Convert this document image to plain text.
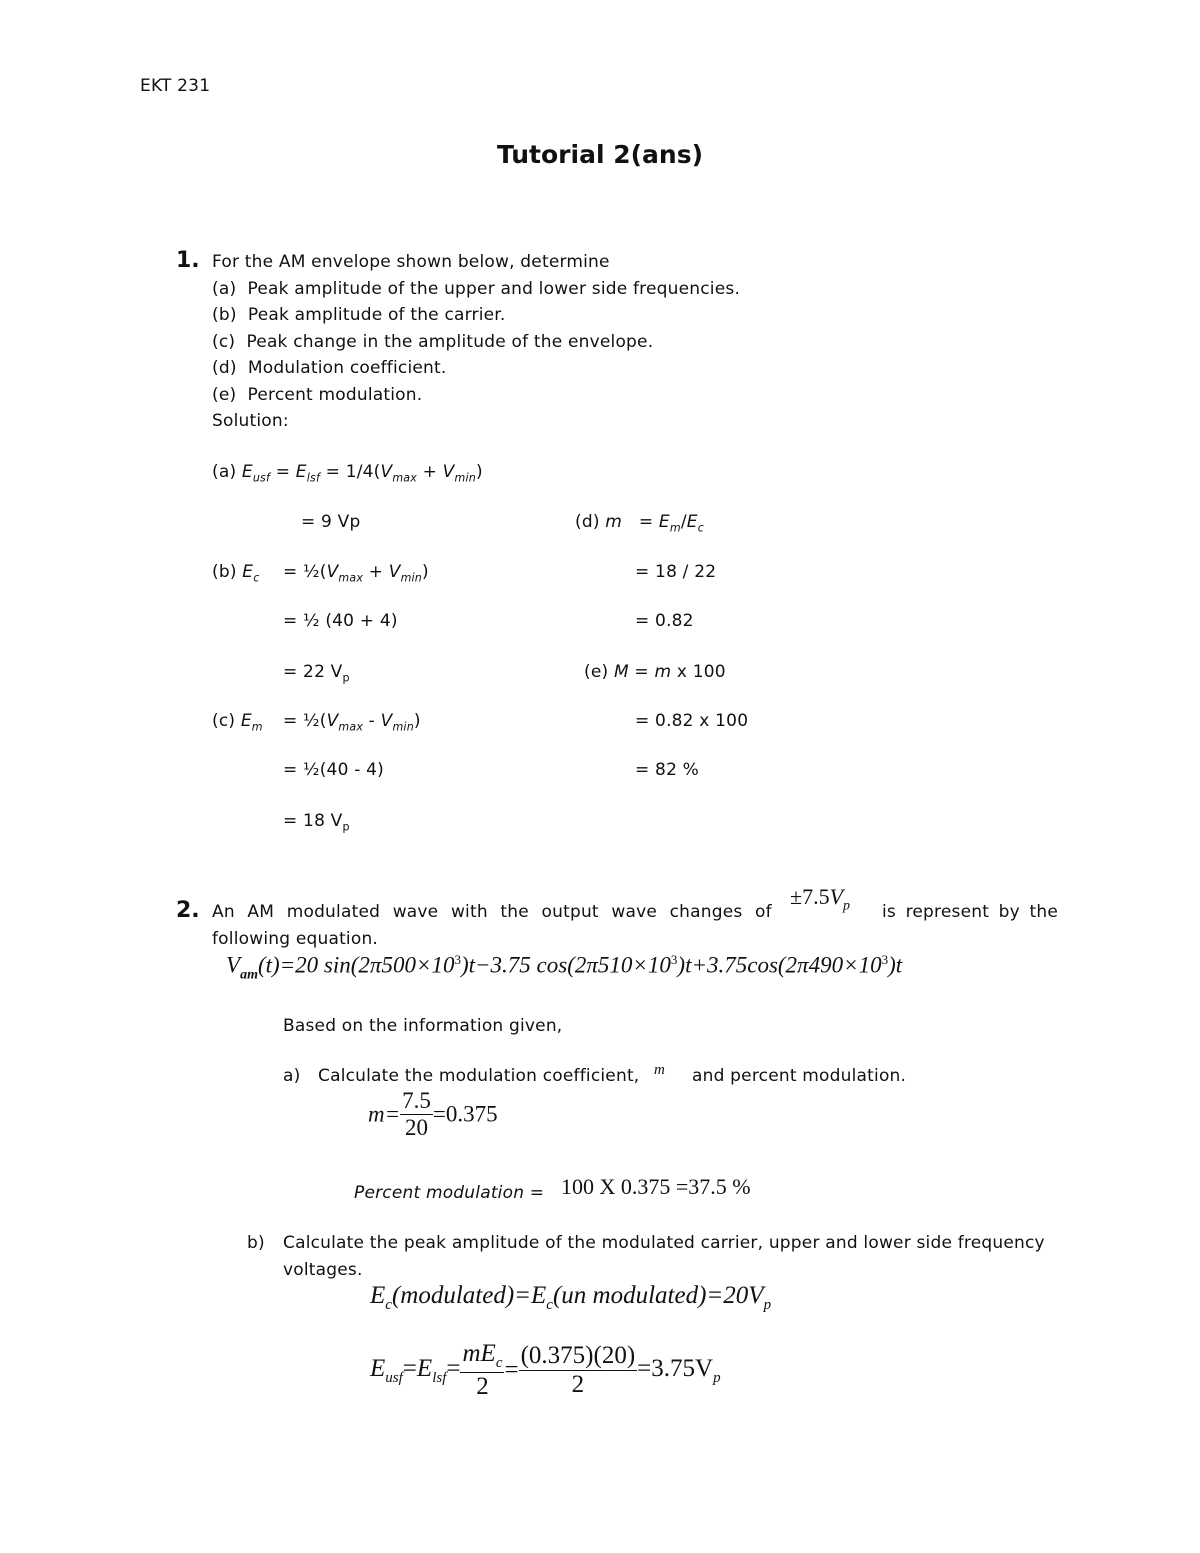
EKT 231
Tutorial 2(ans)
1. For the AM envelope shown below, determine
(a) Peak amplitude of the upper and lower side frequencies.
(b) Peak amplitude of the carrier.
(c) Peak change in the amplitude of the envelope.
(d) Modulation coefficient.
(e) Percent modulation.
Solution:
(a) $E_{usf} = E_{lsf} = 1/4(V_{max} + V_{min})$
= 9 Vp	(d) $m = E_m/E_c$
(b) $E_c$ = $\frac{1}{2}(V_{max} + V_{min})$	= 18 / 22
= ½ (40 + 4)	= 0.82
= 22 $V_p$	(e) M = m x 100
(c) $E_m$ = $\frac{1}{2}(V_{max} - V_{min})$	= 0.82 x 100
= ½(40 - 4)	= 82 %
= 18 $V_p$
2. An AM modulated wave with the output wave changes of
$\pm 7.5V_p$ is represent by the
following equation.
$V_{am}(t)=20$ $\sin(2\pi 500\times 10^3)t-3.75$ $\cos(2\pi 510\times 10^3)t+3.75\cos(2\pi 490\times 10^3)t$
Based on the information given,
a) Calculate the modulation coefficient, m and percent modulation.
$m= \frac{7.5}{20} =0.375$
Percent modulation = 100 X 0.375 =37.5 %
b) Calculate the peak amplitude of the modulated carrier, upper and lower side frequency
voltages.
$E_c(modulated)=E_c(un$ $modulated)=20V_p$
$E_{usf}=E_{lsf}= \frac{mE_c}{2} = \frac{(0.375)(20)}{2} =3.75V_p$
